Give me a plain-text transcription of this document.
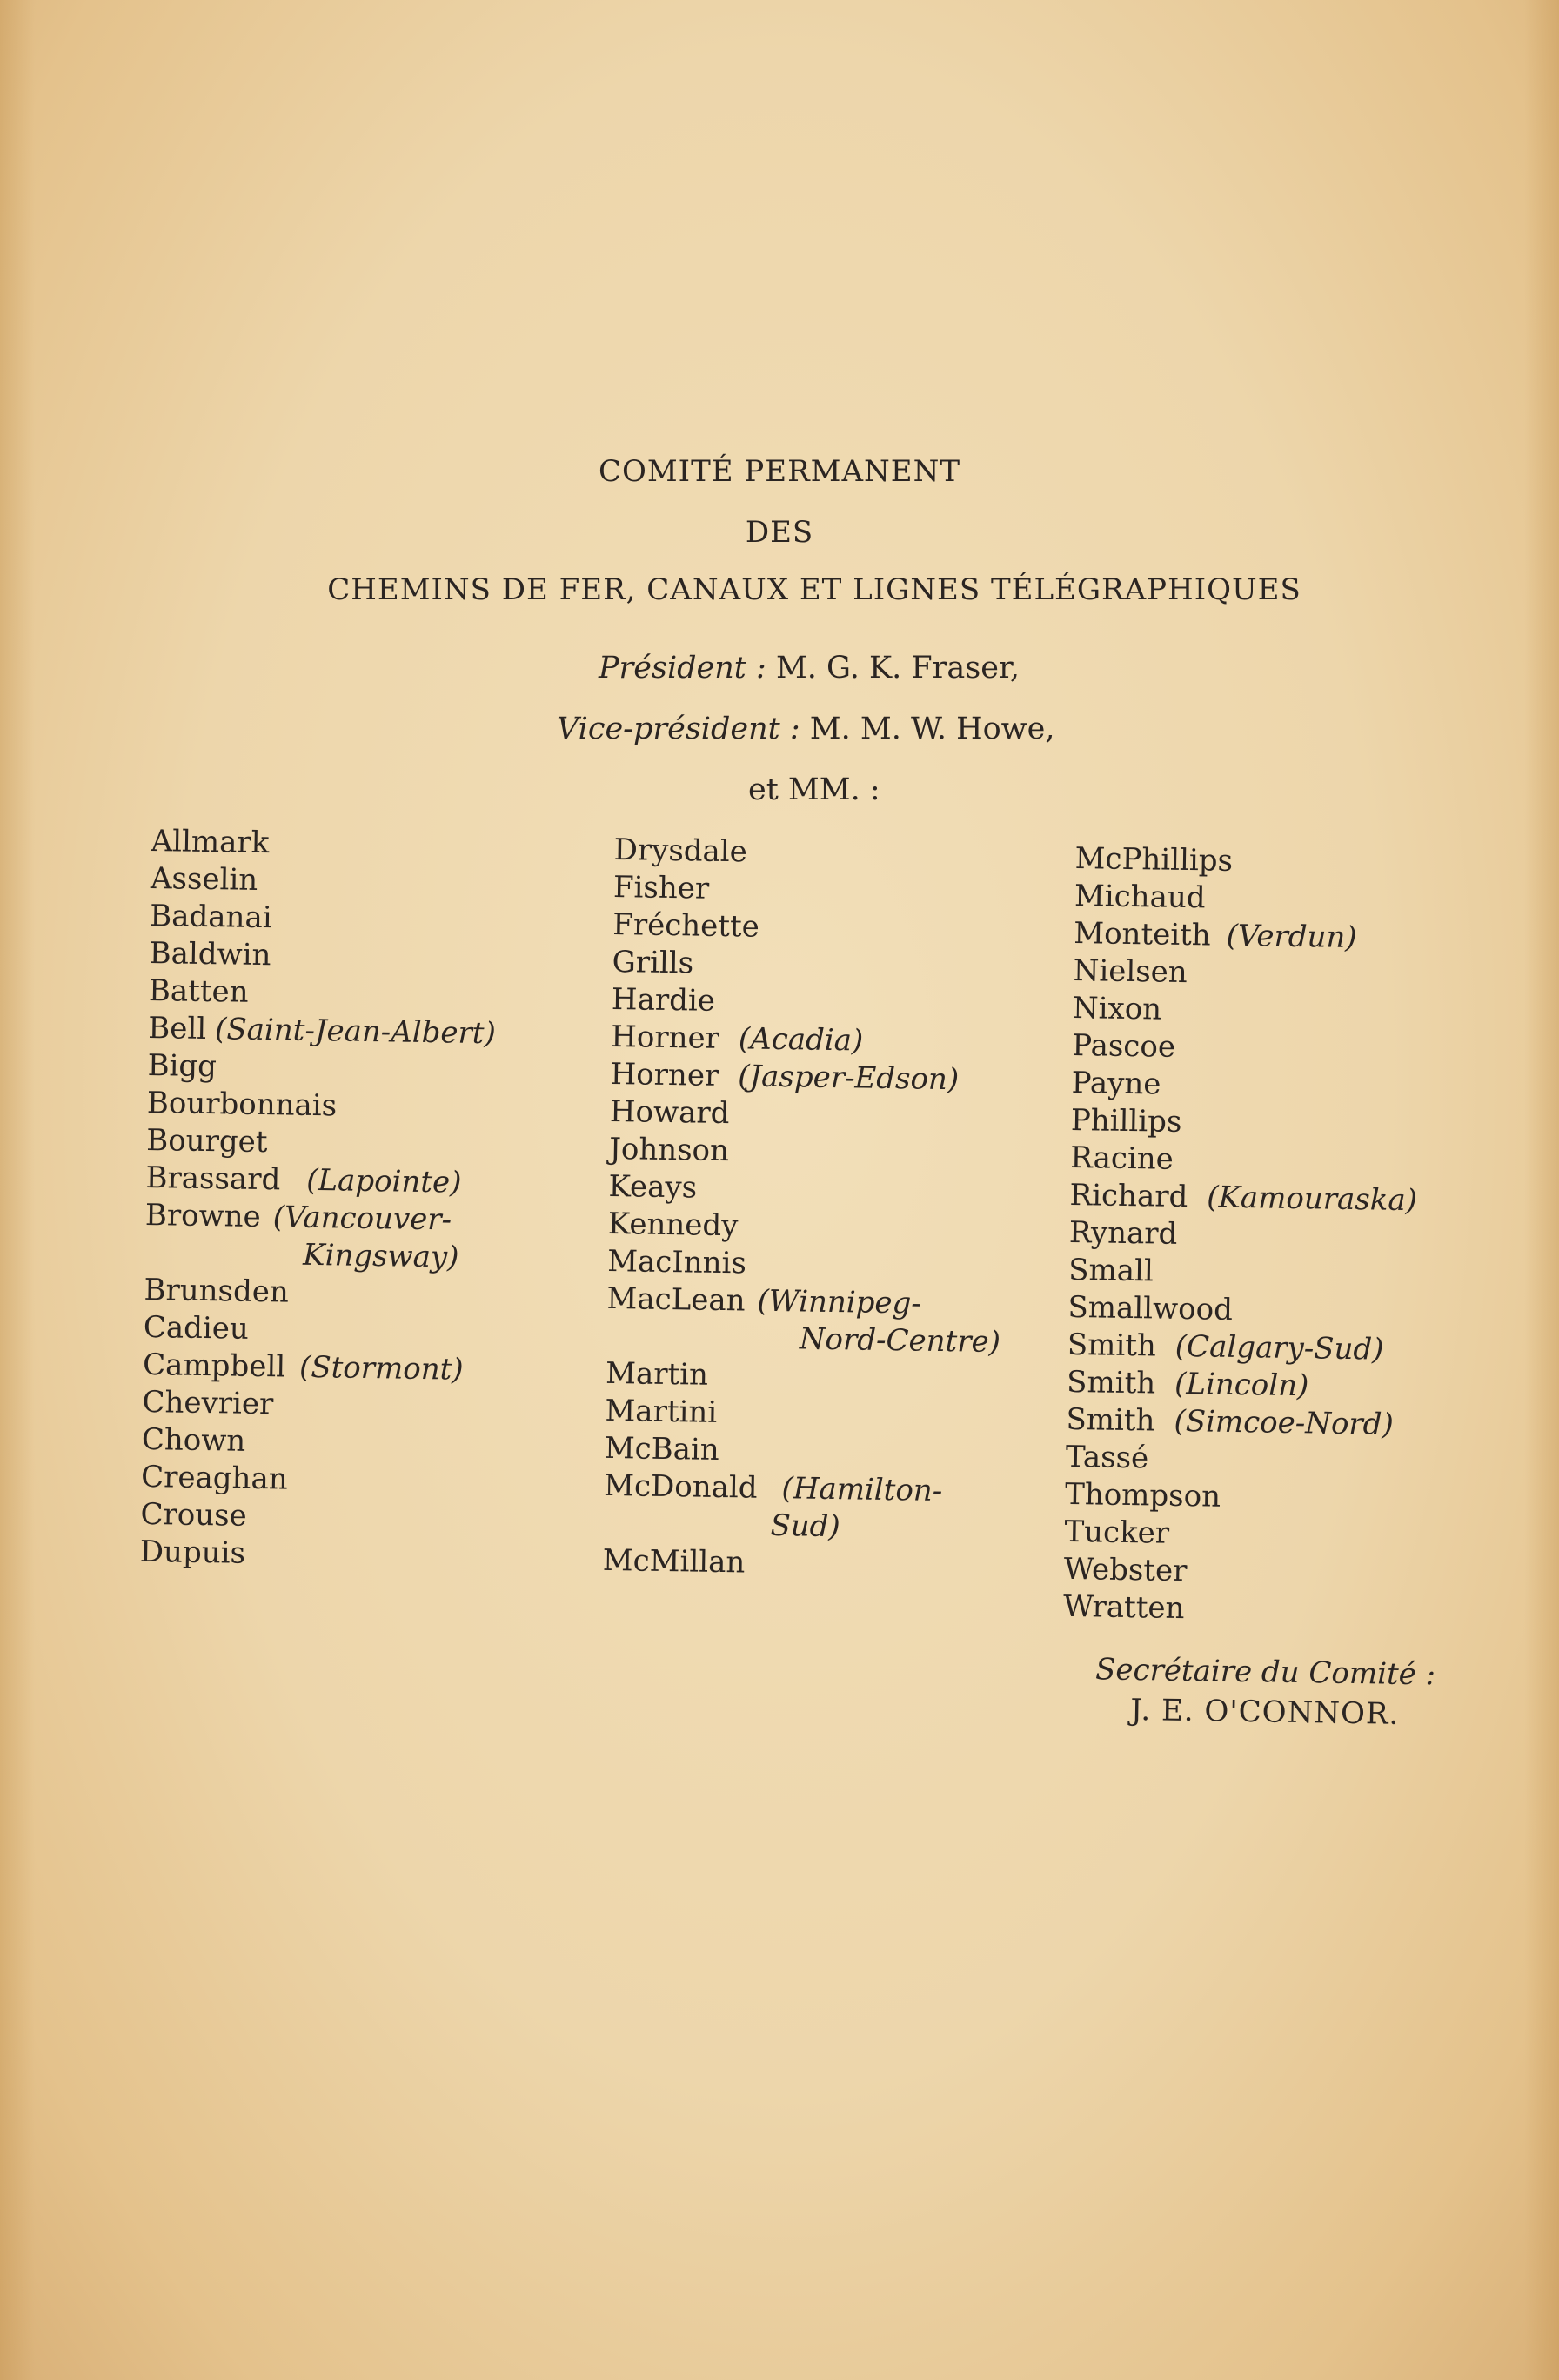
COMITÉ PERMANENT
DES
CHEMINS DE FER, CANAUX ET LIGNES TÉLÉGRAPHIQUES
Président : M. G. K. Fraser,
Vice-président : M. M. W. Howe,
et MM. :
Allmark
Asselin
Badanai
Baldwin
Batten
Bell (Saint-Jean-Albert)
Bigg
Bourbonnais
Bourget
Brassard (Lapointe)
Browne (Vancouver-
Kingsway)
Brunsden
Cadieu
Campbell (Stormont)
Chevrier
Chown
Creaghan
Crouse
Dupuis
Drysdale
Fisher
Fréchette
Grills
Hardie
Horner (Acadia)
Horner (Jasper-Edson)
Howard
Johnson
Keays
Kennedy
MacInnis
MacLean (Winnipeg-
Nord-Centre)
Martin
Martini
McBain
McDonald (Hamilton-
Sud)
McMillan
McPhillips
Michaud
Monteith (Verdun)
Nielsen
Nixon
Pascoe
Payne
Phillips
Racine
Richard (Kamouraska)
Rynard
Small
Smallwood
Smith (Calgary-Sud)
Smith (Lincoln)
Smith (Simcoe-Nord)
Tassé
Thompson
Tucker
Webster
Wratten
Secrétaire du Comité :
J. E. O'CONNOR.
